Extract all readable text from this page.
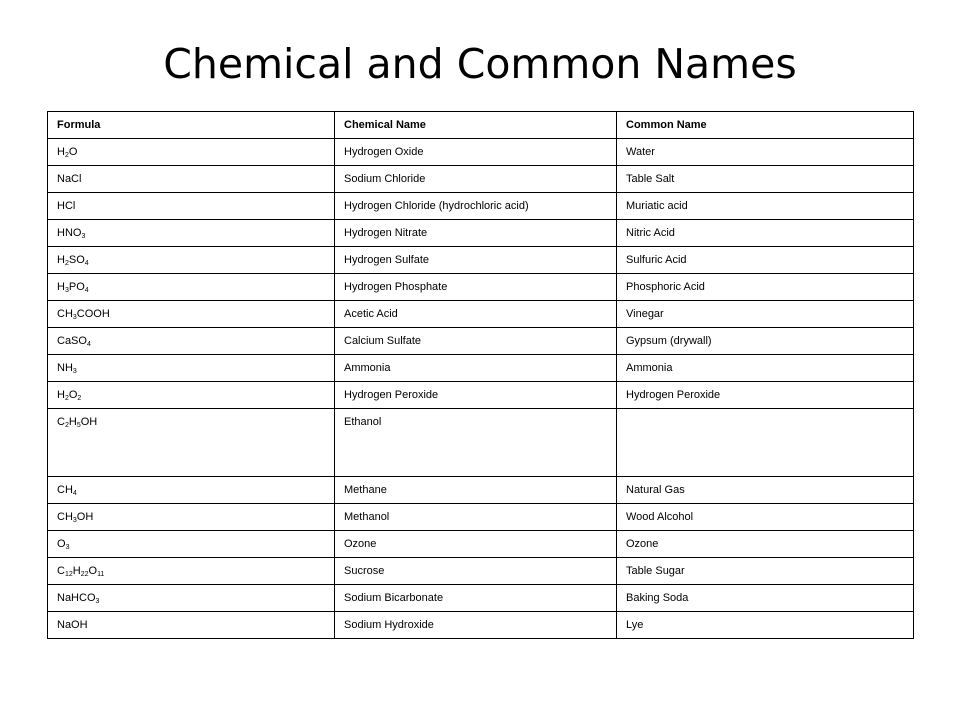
Chemical and Common Names
Formula	Chemical Name	Common Name
$H_2O$	Hydrogen Oxide	Water
NaCl	Sodium Chloride	Table Salt
HCl	Hydrogen Chloride (hydrochloric acid)	Muriatic acid
$HNO_3$	Hydrogen Nitrate	Nitric Acid
$H_2SO_4$	Hydrogen Sulfate	Sulfuric Acid
$H_3PO_4$	Hydrogen Phosphate	Phosphoric Acid
$CH_3COOH$	Acetic Acid	Vinegar
CaSO$_4$	Calcium Sulfate	Gypsum (drywall)
$NH_3$	Ammonia	Ammonia
$H_2O_2$	Hydrogen Peroxide	Hydrogen Peroxide
$C_2H_5OH$	Ethanol	
$CH_4$	Methane	Natural Gas
$CH_3OH$	Methanol	Wood Alcohol
$O_3$	Ozone	Ozone
$C_{12}H_{22}O_{11}$	Sucrose	Table Sugar
NaHCO$_3$	Sodium Bicarbonate	Baking Soda
NaOH	Sodium Hydroxide	Lye
